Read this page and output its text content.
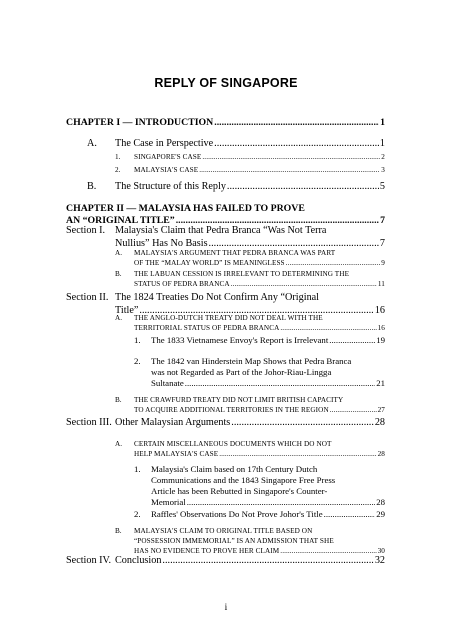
REPLY OF SINGAPORE
CHAPTER I — INTRODUCTION .....	1
A. The Case in Perspective .....	1
1. SINGAPORE'S CASE .....	2
2. MALAYSIA'S CASE .....	3
B. The Structure of this Reply .....	5
CHAPTER II — MALAYSIA HAS FAILED TO PROVE
AN “ORIGINAL TITLE” .....	7
Section I. Malaysia's Claim that Pedra Branca “Was Not Terra
Nullius” Has No Basis .....	7
A. MALAYSIA'S ARGUMENT THAT PEDRA BRANCA WAS PART
OF THE “MALAY WORLD” IS MEANINGLESS .....	9
B. THE LABUAN CESSION IS IRRELEVANT TO DETERMINING THE
STATUS OF PEDRA BRANCA .....	11
Section II. The 1824 Treaties Do Not Confirm Any “Original
Title” .....	16
A. THE ANGLO-DUTCH TREATY DID NOT DEAL WITH THE
TERRITORIAL STATUS OF PEDRA BRANCA .....	16
1. The 1833 Vietnamese Envoy's Report is Irrelevant .....	19
2. The 1842 van Hinderstein Map Shows that Pedra Branca
was not Regarded as Part of the Johor-Riau-Lingga
Sultanate .....	21
B. THE CRAWFURD TREATY DID NOT LIMIT BRITISH CAPACITY
TO ACQUIRE ADDITIONAL TERRITORIES IN THE REGION .....	27
Section III. Other Malaysian Arguments .....	28
A. CERTAIN MISCELLANEOUS DOCUMENTS WHICH DO NOT
HELP MALAYSIA'S CASE .....	28
1. Malaysia's Claim based on 17th Century Dutch
Communications and the 1843 Singapore Free Press
Article has been Rebutted in Singapore's Counter-
Memorial .....	28
2. Raffles' Observations Do Not Prove Johor's Title .....	29
B. MALAYSIA'S CLAIM TO ORIGINAL TITLE BASED ON
“POSSESSION IMMEMORIAL” IS AN ADMISSION THAT SHE
HAS NO EVIDENCE TO PROVE HER CLAIM .....	30
Section IV. Conclusion .....	32
i
